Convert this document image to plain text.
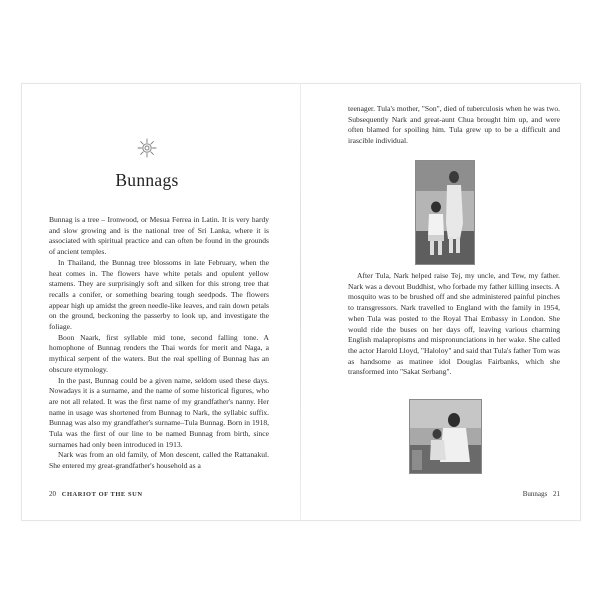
Bunnags

Bunnag is a tree – Ironwood, or Mesua Ferrea in Latin. It is very hardy and slow growing and is the national tree of Sri Lanka, where it is associated with spiritual practice and can often be found in the grounds of ancient temples.

In Thailand, the Bunnag tree blossoms in late February, when the heat comes in. The flowers have white petals and opulent yellow stamens. They are surprisingly soft and silken for this strong tree that recalls a conifer, or something bearing tough seedpods. The flowers appear high up amidst the green needle-like leaves, and rain down petals on the ground, beckoning the passerby to look up, and investigate the foliage.

Boon Naark, first syllable mid tone, second falling tone. A homophone of Bunnag renders the Thai words for merit and Naga, a mythical serpent of the waters. But the real spelling of Bunnag has an obscure etymology.

In the past, Bunnag could be a given name, seldom used these days. Nowadays it is a surname, and the name of some historical figures, who are not all related. It was the first name of my grandfather's nanny. Her name in usage was shortened from Bunnag to Nark, the syllabic suffix. Bunnag was also my grandfather's surname–Tula Bunnag. Born in 1918, Tula was the first of our line to be named Bunnag from birth, since surnames had only been introduced in 1913.

Nark was from an old family, of Mon descent, called the Rattanakul. She entered my great-grandfather's household as a

20 CHARIOT OF THE SUN

teenager. Tula's mother, "Son", died of tuberculosis when he was two. Subsequently Nark and great-aunt Chua brought him up, and were often blamed for spoiling him. Tula grew up to be a difficult and irascible individual.

After Tula, Nark helped raise Tej, my uncle, and Tew, my father. Nark was a devout Buddhist, who forbade my father killing insects. A mosquito was to be brushed off and she administered painful pinches to transgressors. Nark travelled to England with the family in 1954, when Tula was posted to the Royal Thai Embassy in London. She would ride the buses on her days off, leaving various charming English malapropisms and mispronunciations in her wake. She called the actor Harold Lloyd, "Haloloy" and said that Tula's father Tom was as handsome as matinee idol Douglas Fairbanks, which she transformed into "Sakat Serbang".

Bunnags 21
